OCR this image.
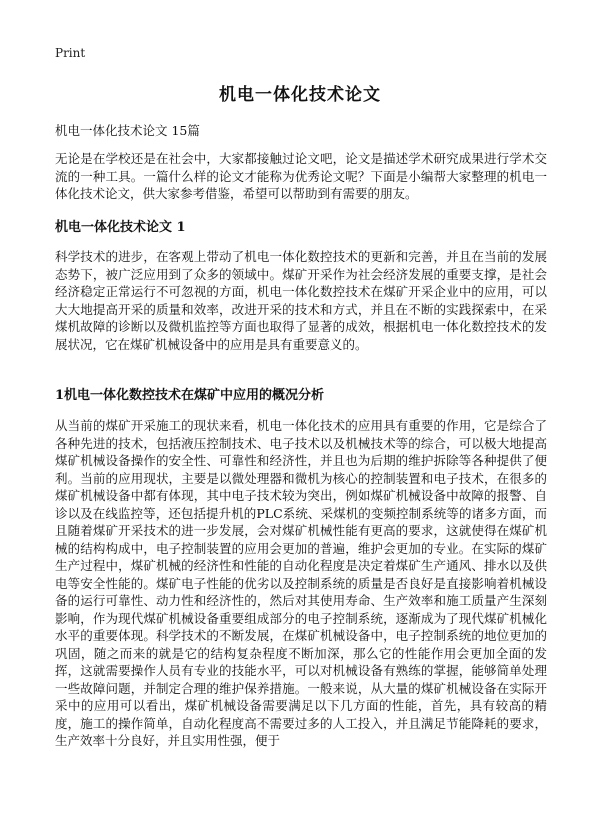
Print
机电一体化技术论文
机电一体化技术论文 15篇
无论是在学校还是在社会中，大家都接触过论文吧，论文是描述学术研究成果进行学术交流的一种工具。一篇什么样的论文才能称为优秀论文呢？下面是小编帮大家整理的机电一体化技术论文，供大家参考借鉴，希望可以帮助到有需要的朋友。
机电一体化技术论文 1
科学技术的进步，在客观上带动了机电一体化数控技术的更新和完善，并且在当前的发展态势下，被广泛应用到了众多的领域中。煤矿开采作为社会经济发展的重要支撑，是社会经济稳定正常运行不可忽视的方面，机电一体化数控技术在煤矿开采企业中的应用，可以大大地提高开采的质量和效率，改进开采的技术和方式，并且在不断的实践探索中，在采煤机故障的诊断以及微机监控等方面也取得了显著的成效，根据机电一体化数控技术的发展状况，它在煤矿机械设备中的应用是具有重要意义的。
1机电一体化数控技术在煤矿中应用的概况分析
从当前的煤矿开采施工的现状来看，机电一体化技术的应用具有重要的作用，它是综合了各种先进的技术，包括液压控制技术、电子技术以及机械技术等的综合，可以极大地提高煤矿机械设备操作的安全性、可靠性和经济性，并且也为后期的维护拆除等各种提供了便利。当前的应用现状，主要是以微处理器和微机为核心的控制装置和电子技术，在很多的煤矿机械设备中都有体现，其中电子技术较为突出，例如煤矿机械设备中故障的报警、自诊以及在线监控等，还包括提升机的PLC系统、采煤机的变频控制系统等的诸多方面，而且随着煤矿开采技术的进一步发展，会对煤矿机械性能有更高的要求，这就使得在煤矿机械的结构构成中，电子控制装置的应用会更加的普遍，维护会更加的专业。在实际的煤矿生产过程中，煤矿机械的经济性和性能的自动化程度是决定着煤矿生产通风、排水以及供电等安全性能的。煤矿电子性能的优劣以及控制系统的质量是否良好是直接影响着机械设备的运行可靠性、动力性和经济性的，然后对其使用寿命、生产效率和施工质量产生深刻影响，作为现代煤矿机械设备重要组成部分的电子控制系统，逐渐成为了现代煤矿机械化水平的重要体现。科学技术的不断发展，在煤矿机械设备中，电子控制系统的地位更加的巩固，随之而来的就是它的结构复杂程度不断加深，那么它的性能作用会更加全面的发挥，这就需要操作人员有专业的技能水平，可以对机械设备有熟练的掌握，能够简单处理一些故障问题，并制定合理的维护保养措施。一般来说，从大量的煤矿机械设备在实际开采中的应用可以看出，煤矿机械设备需要满足以下几方面的性能，首先，具有较高的精度，施工的操作简单，自动化程度高不需要过多的人工投入，并且满足节能降耗的要求，生产效率十分良好，并且实用性强，便于
